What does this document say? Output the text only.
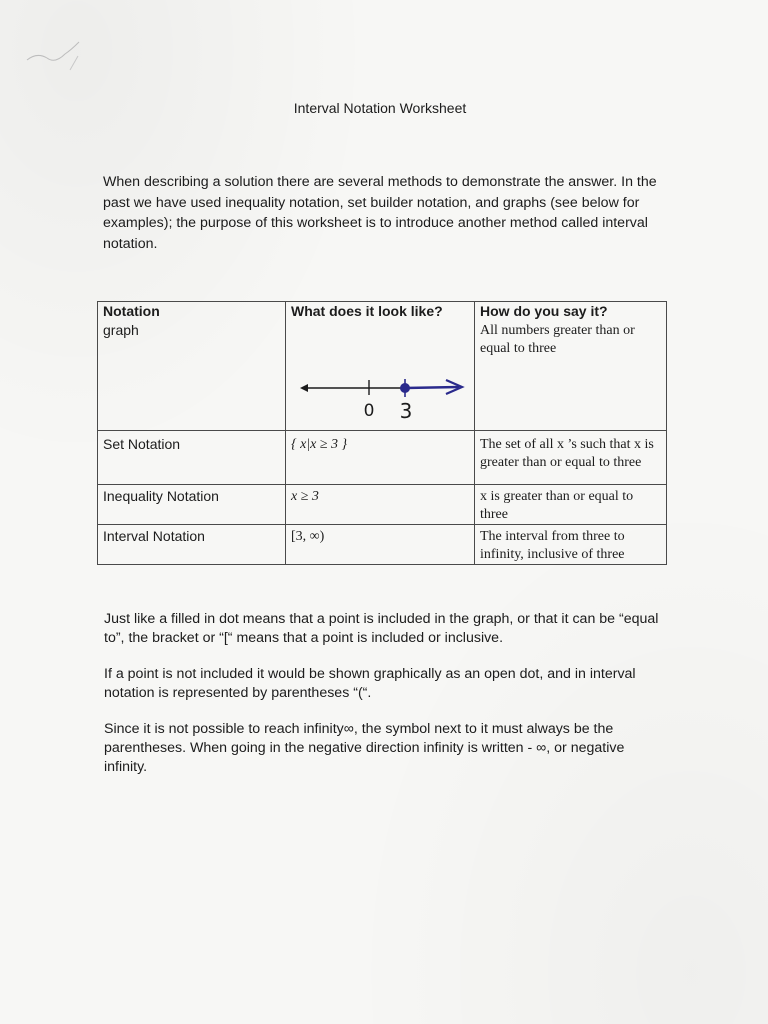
Interval Notation Worksheet
When describing a solution there are several methods to demonstrate the answer. In the past we have used inequality notation, set builder notation, and graphs (see below for examples); the purpose of this worksheet is to introduce another method called interval notation.
Notation	What does it look like?	How do you say it?
graph	0 3	All numbers greater than or equal to three
Set Notation	{ x|x ≥ 3 }	The set of all x ’s such that x is greater than or equal to three
Inequality Notation	x ≥ 3	x is greater than or equal to three
Interval Notation	[3, ∞)	The interval from three to infinity, inclusive of three
Just like a filled in dot means that a point is included in the graph, or that it can be “equal to”, the bracket or “[“ means that a point is included or inclusive.
If a point is not included it would be shown graphically as an open dot, and in interval notation is represented by parentheses “(“.
Since it is not possible to reach infinity∞, the symbol next to it must always be the parentheses. When going in the negative direction infinity is written - ∞, or negative infinity.
